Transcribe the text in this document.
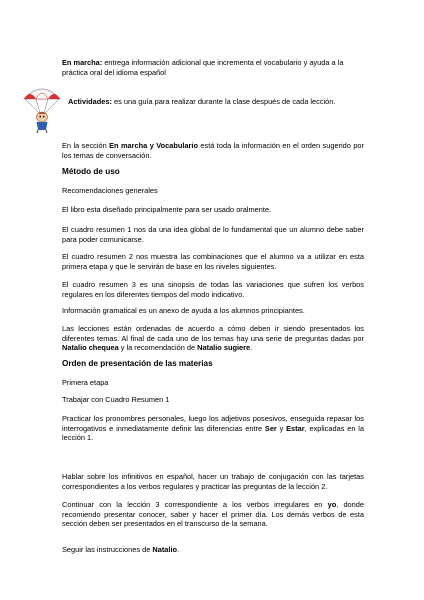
En marcha: entrega información adicional que incrementa el vocabulario y ayuda a la práctica oral del idioma español

Actividades: es una guía para realizar durante la clase después de cada lección.

En la sección En marcha y Vocabulario está toda la información en el orden sugerido por los temas de conversación.

Método de uso

Recomendaciones generales

El libro esta diseñado principalmente para ser usado oralmente.

El cuadro resumen 1 nos da una idea global de lo fundamental que un alumno debe saber para poder comunicarse.

El cuadro resumen 2 nos muestra las combinaciones que el alumno va a utilizar en esta primera etapa y que le servirán de base en los niveles siguientes.

El cuadro resumen 3 es una sinopsis de todas las variaciones que sufren los verbos regulares en los diferentes tiempos del modo indicativo.

Información gramatical es un anexo de ayuda a los alumnos principiantes.

Las lecciones están ordenadas de acuerdo a cómo deben ir siendo presentados los diferentes temas. Al final de cada uno de los temas hay una serie de preguntas dadas por Natalio chequea y la recomendación de Natalio sugiere.

Orden de presentación de las materias

Primera etapa

Trabajar con Cuadro Resumen 1

Practicar los pronombres personales, luego los adjetivos posesivos, enseguida repasar los interrogativos e inmediatamente definir las diferencias entre Ser y Estar, explicadas en la lección 1.

Hablar sobre los infinitivos en español, hacer un trabajo de conjugación con las tarjetas correspondientes a los verbos regulares y practicar las preguntas de la lección 2.

Continuar con la lección 3 correspondiente a los verbos irregulares en yo, donde recomiendo presentar conocer, saber y hacer el primer día. Los demás verbos de esta sección deben ser presentados en el transcurso de la semana.

Seguir las instrucciones de Natalio.
